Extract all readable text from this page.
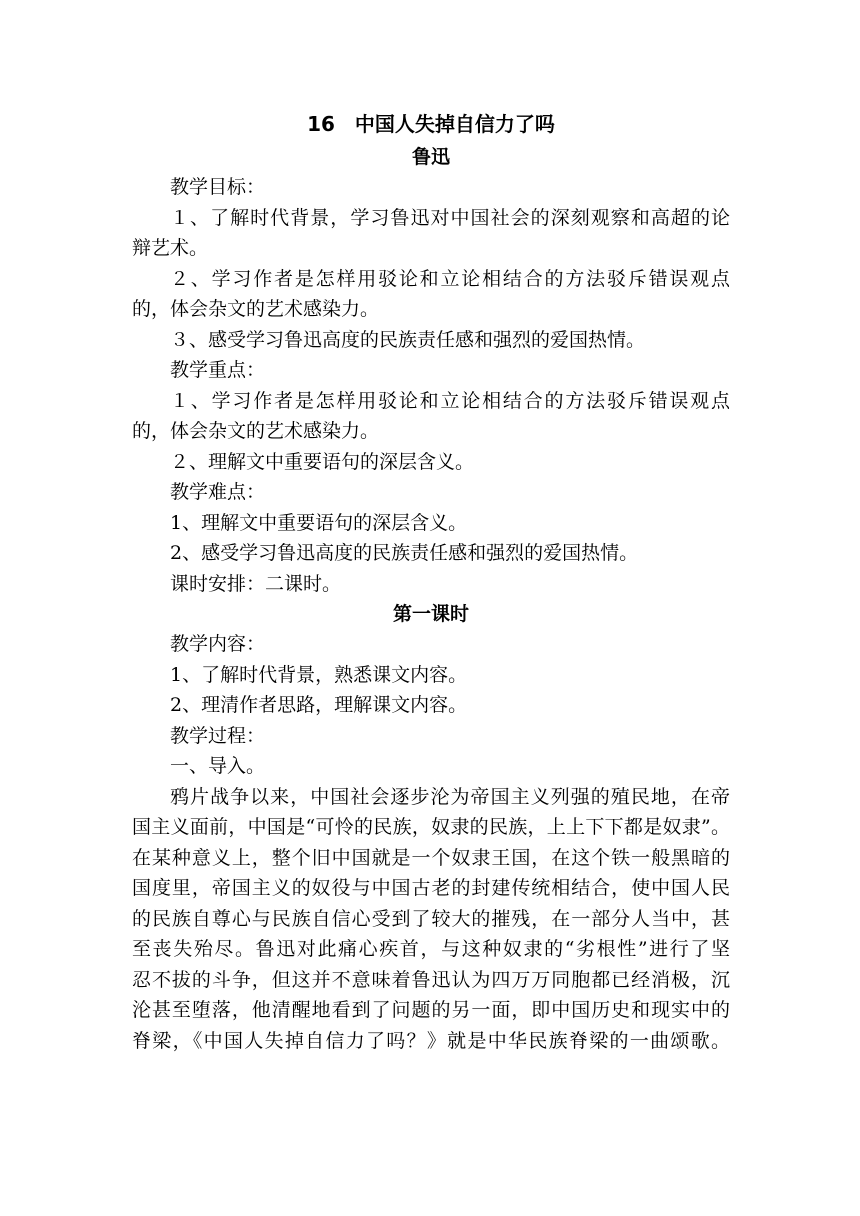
16　中国人失掉自信力了吗
鲁迅
教学目标：
１、了解时代背景，学习鲁迅对中国社会的深刻观察和高超的论
辩艺术。
２、学习作者是怎样用驳论和立论相结合的方法驳斥错误观点
的，体会杂文的艺术感染力。
３、感受学习鲁迅高度的民族责任感和强烈的爱国热情。
教学重点：
１、学习作者是怎样用驳论和立论相结合的方法驳斥错误观点
的，体会杂文的艺术感染力。
２、理解文中重要语句的深层含义。
教学难点：
1、理解文中重要语句的深层含义。
2、感受学习鲁迅高度的民族责任感和强烈的爱国热情。
课时安排：二课时。
第一课时
教学内容：
1、了解时代背景，熟悉课文内容。
2、理清作者思路，理解课文内容。
教学过程：
一、导入。
鸦片战争以来，中国社会逐步沦为帝国主义列强的殖民地，在帝
国主义面前，中国是“可怜的民族，奴隶的民族，上上下下都是奴隶”。
在某种意义上，整个旧中国就是一个奴隶王国，在这个铁一般黑暗的
国度里，帝国主义的奴役与中国古老的封建传统相结合，使中国人民
的民族自尊心与民族自信心受到了较大的摧残，在一部分人当中，甚
至丧失殆尽。鲁迅对此痛心疾首，与这种奴隶的“劣根性”进行了坚
忍不拔的斗争，但这并不意味着鲁迅认为四万万同胞都已经消极，沉
沦甚至堕落，他清醒地看到了问题的另一面，即中国历史和现实中的
脊梁，《中国人失掉自信力了吗？》就是中华民族脊梁的一曲颂歌。
